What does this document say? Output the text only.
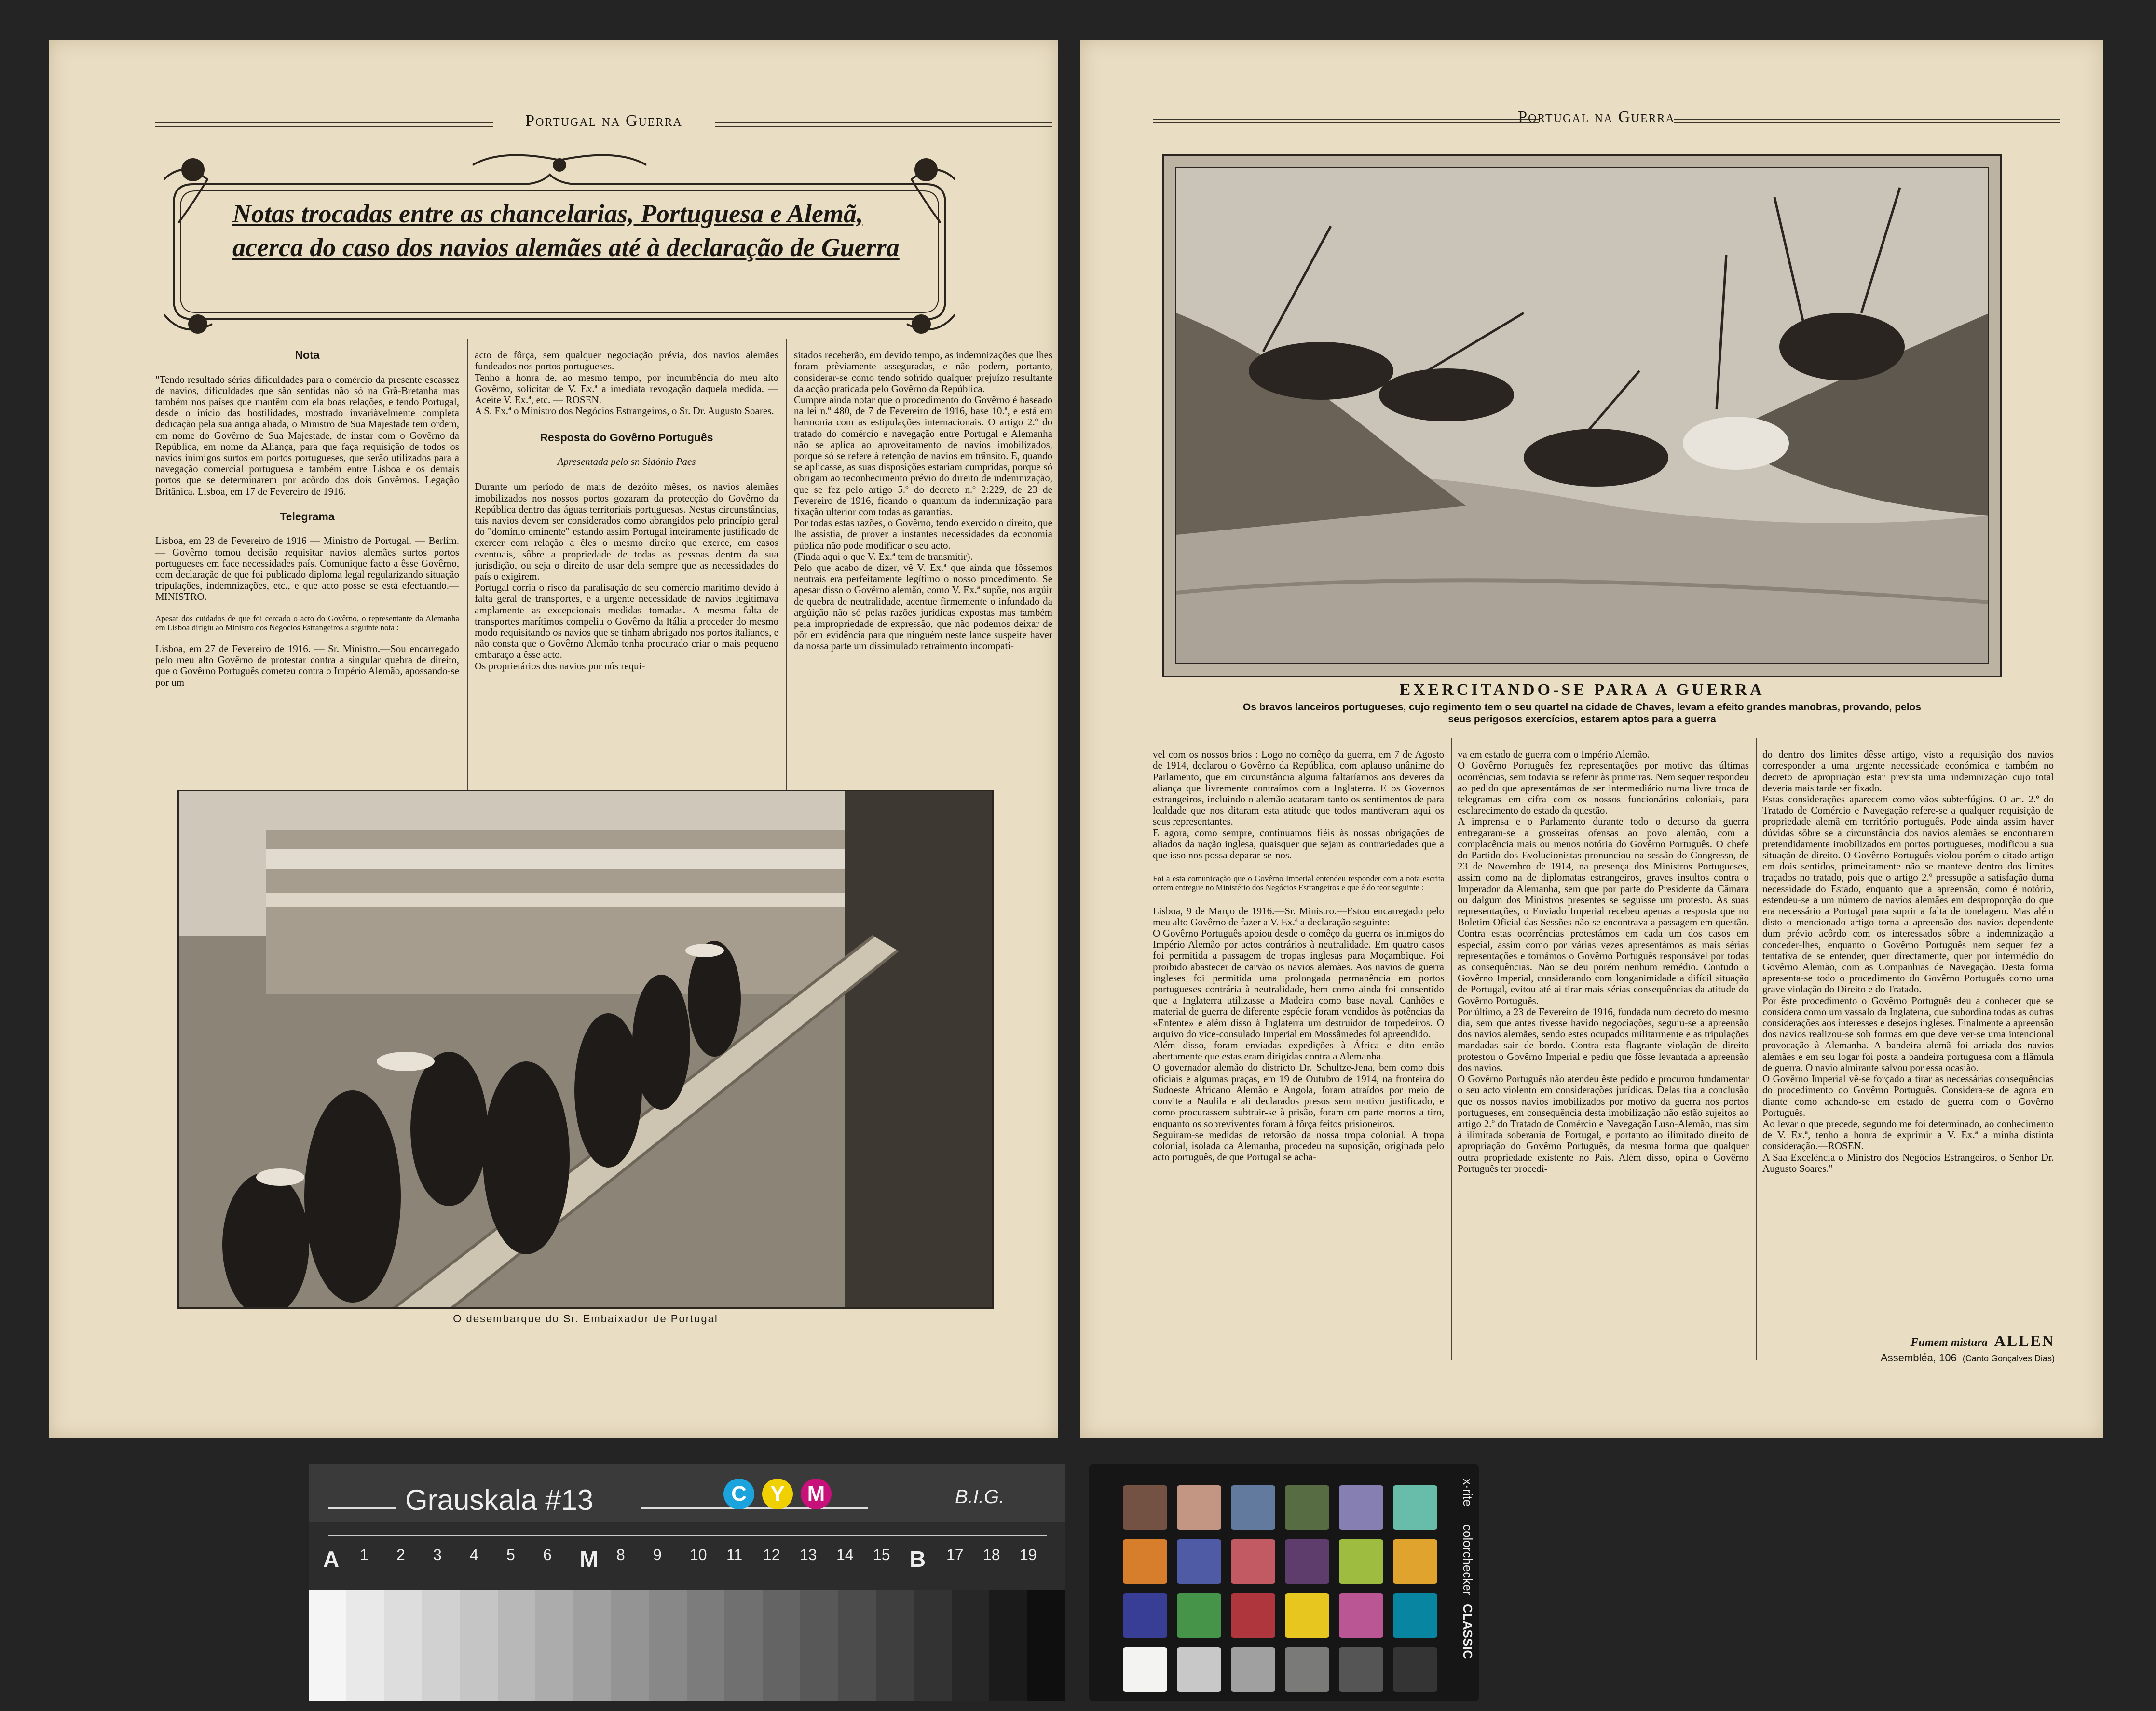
Portugal na Guerra
Notas trocadas entre as chancelarias, Portuguesa e Alemã,
acerca do caso dos navios alemães até à declaração de Guerra

Nota

"Tendo resultado sérias dificuldades para o comércio da presente escassez de navios, dificuldades que são sentidas não só na Grã-Bretanha mas também nos países que mantêm com ela boas relações, e tendo Portugal, desde o início das hostilidades, mostrado invariàvelmente completa dedicação pela sua antiga aliada, o Ministro de Sua Majestade tem ordem, em nome do Govêrno de Sua Majestade, de instar com o Govêrno da República, em nome da Aliança, para que faça requisição de todos os navios inimigos surtos em portos portugueses, que serão utilizados para a navegação comercial portuguesa e também entre Lisboa e os demais portos que se determinarem por acôrdo dos dois Govêrnos. Legação Britânica. Lisboa, em 17 de Fevereiro de 1916.

Telegrama

Lisboa, em 23 de Fevereiro de 1916 — Ministro de Portugal. — Berlim. — Govêrno tomou decisão requisitar navios alemães surtos portos portugueses em face necessidades país. Comunique facto a êsse Govêrno, com declaração de que foi publicado diploma legal regularizando situação tripulações, indemnizações, etc., e que acto posse se está efectuando.—MINISTRO.

Apesar dos cuidados de que foi cercado o acto do Govêrno, o representante da Alemanha em Lisboa dirigiu ao Ministro dos Negócios Estrangeiros a seguinte nota :

Lisboa, em 27 de Fevereiro de 1916. — Sr. Ministro.—Sou encarregado pelo meu alto Govêrno de protestar contra a singular quebra de direito, que o Govêrno Português cometeu contra o Império Alemão, apossando-se por um

acto de fôrça, sem qualquer negociação prévia, dos navios alemães fundeados nos portos portugueses.
Tenho a honra de, ao mesmo tempo, por incumbência do meu alto Govêrno, solicitar de V. Ex.ª a imediata revogação daquela medida. —Aceite V. Ex.ª, etc. — ROSEN.
A S. Ex.ª o Ministro dos Negócios Estrangeiros, o Sr. Dr. Augusto Soares.

Resposta do Govêrno Português

Apresentada pelo sr. Sidónio Paes

Durante um período de mais de dezóito mêses, os navios alemães imobilizados nos nossos portos gozaram da protecção do Govêrno da República dentro das águas territoriais portuguesas. Nestas circunstâncias, tais navios devem ser considerados como abrangidos pelo princípio geral do "domínio eminente" estando assim Portugal inteiramente justificado de exercer com relação a êles o mesmo direito que exerce, em casos eventuais, sôbre a propriedade de todas as pessoas dentro da sua jurisdição, ou seja o direito de usar dela sempre que as necessidades do país o exigirem.
Portugal corria o risco da paralisação do seu comércio marítimo devido à falta geral de transportes, e a urgente necessidade de navios legitimava amplamente as excepcionais medidas tomadas. A mesma falta de transportes marítimos compeliu o Govêrno da Itália a proceder do mesmo modo requisitando os navios que se tinham abrigado nos portos italianos, e não consta que o Govêrno Alemão tenha procurado criar o mais pequeno embaraço a êsse acto.
Os proprietários dos navios por nós requi-

sitados receberão, em devido tempo, as indemnizações que lhes foram prèviamente asseguradas, e não podem, portanto, considerar-se como tendo sofrido qualquer prejuízo resultante da acção praticada pelo Govêrno da República.
Cumpre ainda notar que o procedimento do Govêrno é baseado na lei n.º 480, de 7 de Fevereiro de 1916, base 10.ª, e está em harmonia com as estipulações internacionais. O artigo 2.º do tratado do comércio e navegação entre Portugal e Alemanha não se aplica ao aproveitamento de navios imobilizados, porque só se refere à retenção de navios em trânsito. E, quando se aplicasse, as suas disposições estariam cumpridas, porque só obrigam ao reconhecimento prévio do direito de indemnização, que se fez pelo artigo 5.º do decreto n.º 2:229, de 23 de Fevereiro de 1916, ficando o quantum da indemnização para fixação ulterior com todas as garantias.
Por todas estas razões, o Govêrno, tendo exercido o direito, que lhe assistia, de prover a instantes necessidades da economia pública não pode modificar o seu acto.
(Finda aqui o que V. Ex.ª tem de transmitir).
Pelo que acabo de dizer, vê V. Ex.ª que ainda que fôssemos neutrais era perfeitamente legítimo o nosso procedimento. Se apesar disso o Govêrno alemão, como V. Ex.ª supõe, nos argúir de quebra de neutralidade, acentue firmemente o infundado da argúição não só pelas razões jurídicas expostas mas também pela impropriedade de expressão, que não podemos deixar de pôr em evidência para que ninguém neste lance suspeite haver da nossa parte um dissimulado retraimento incompatí-

O desembarque do Sr. Embaixador de Portugal
Portugal na Guerra
EXERCITANDO-SE PARA A GUERRA
Os bravos lanceiros portugueses, cujo regimento tem o seu quartel na cidade de Chaves, levam a efeito grandes manobras, provando, pelos seus perigosos exercícios, estarem aptos para a guerra

vel com os nossos brios : Logo no comêço da guerra, em 7 de Agosto de 1914, declarou o Govêrno da República, com aplauso unânime do Parlamento, que em circunstância alguma faltaríamos aos deveres da aliança que livremente contraímos com a Inglaterra. E os Governos estrangeiros, incluindo o alemão acataram tanto os sentimentos de para lealdade que nos ditaram esta atitude que todos mantiveram aqui os seus representantes.
E agora, como sempre, continuamos fiéis às nossas obrigações de aliados da nação inglesa, quaisquer que sejam as contrariedades que a que isso nos possa deparar-se-nos.

Foi a esta comunicação que o Govêrno Imperial entendeu responder com a nota escrita ontem entregue no Ministério dos Negócios Estrangeiros e que é do teor seguinte :

Lisboa, 9 de Março de 1916.—Sr. Ministro.—Estou encarregado pelo meu alto Govêrno de fazer a V. Ex.ª a declaração seguinte:
O Govêrno Português apoiou desde o comêço da guerra os inimigos do Império Alemão por actos contrários à neutralidade. Em quatro casos foi permitida a passagem de tropas inglesas para Moçambique. Foi proibido abastecer de carvão os navios alemães. Aos navios de guerra ingleses foi permitida uma prolongada permanência em portos portugueses contrária à neutralidade, bem como ainda foi consentido que a Inglaterra utilizasse a Madeira como base naval. Canhões e material de guerra de diferente espécie foram vendidos às potências da «Entente» e além disso à Inglaterra um destruidor de torpedeiros. O arquivo do vice-consulado Imperial em Mossâmedes foi apreendido.
Além disso, foram enviadas expedições à África e dito então abertamente que estas eram dirigidas contra a Alemanha.
O governador alemão do districto Dr. Schultze-Jena, bem como dois oficiais e algumas praças, em 19 de Outubro de 1914, na fronteira do Sudoeste Africano Alemão e Angola, foram atraídos por meio de convite a Naulila e ali declarados presos sem motivo justificado, e como procurassem subtrair-se à prisão, foram em parte mortos a tiro, enquanto os sobreviventes foram à fôrça feitos prisioneiros.
Seguiram-se medidas de retorsão da nossa tropa colonial. A tropa colonial, isolada da Alemanha, procedeu na suposição, originada pelo acto português, de que Portugal se acha-

va em estado de guerra com o Império Alemão.
O Govêrno Português fez representações por motivo das últimas ocorrências, sem todavia se referir às primeiras. Nem sequer respondeu ao pedido que apresentámos de ser intermediário numa livre troca de telegramas em cifra com os nossos funcionários coloniais, para esclarecimento do estado da questão.
A imprensa e o Parlamento durante todo o decurso da guerra entregaram-se a grosseiras ofensas ao povo alemão, com a complacência mais ou menos notória do Govêrno Português. O chefe do Partido dos Evolucionistas pronunciou na sessão do Congresso, de 23 de Novembro de 1914, na presença dos Ministros Portugueses, assim como na de diplomatas estrangeiros, graves insultos contra o Imperador da Alemanha, sem que por parte do Presidente da Câmara ou dalgum dos Ministros presentes se seguisse um protesto. As suas representações, o Enviado Imperial recebeu apenas a resposta que no Boletim Oficial das Sessões não se encontrava a passagem em questão. Contra estas ocorrências protestámos em cada um dos casos em especial, assim como por várias vezes apresentámos as mais sérias representações e tornámos o Govêrno Português responsável por todas as consequências. Não se deu porém nenhum remédio. Contudo o Govêrno Imperial, considerando com longanimidade a difícil situação de Portugal, evitou até ai tirar mais sérias consequências da atitude do Govêrno Português.
Por último, a 23 de Fevereiro de 1916, fundada num decreto do mesmo dia, sem que antes tivesse havido negociações, seguiu-se a apreensão dos navios alemães, sendo estes ocupados militarmente e as tripulações mandadas sair de bordo. Contra esta flagrante violação de direito protestou o Govêrno Imperial e pediu que fôsse levantada a apreensão dos navios.
O Govêrno Português não atendeu êste pedido e procurou fundamentar o seu acto violento em considerações jurídicas. Delas tira a conclusão que os nossos navios imobilizados por motivo da guerra nos portos portugueses, em consequência desta imobilização não estão sujeitos ao artigo 2.º do Tratado de Comércio e Navegação Luso-Alemão, mas sim à ilimitada soberania de Portugal, e portanto ao ilimitado direito de apropriação do Govêrno Português, da mesma forma que qualquer outra propriedade existente no País. Além disso, opina o Govêrno Português ter procedi-

do dentro dos limites dêsse artigo, visto a requisição dos navios corresponder a uma urgente necessidade económica e também no decreto de apropriação estar prevista uma indemnização cujo total deveria mais tarde ser fixado.
Estas considerações aparecem como vãos subterfúgios. O art. 2.º do Tratado de Comércio e Navegação refere-se a qualquer requisição de propriedade alemã em território português. Pode ainda assim haver dúvidas sôbre se a circunstância dos navios alemães se encontrarem pretendidamente imobilizados em portos portugueses, modificou a sua situação de direito. O Govêrno Português violou porém o citado artigo em dois sentidos, primeiramente não se manteve dentro dos limites traçados no tratado, pois que o artigo 2.º pressupõe a satisfação duma necessidade do Estado, enquanto que a apreensão, como é notório, estendeu-se a um número de navios alemães em desproporção do que era necessário a Portugal para suprir a falta de tonelagem. Mas além disto o mencionado artigo torna a apreensão dos navios dependente dum prévio acôrdo com os interessados sôbre a indemnização a conceder-lhes, enquanto o Govêrno Português nem sequer fez a tentativa de se entender, quer directamente, quer por intermédio do Govêrno Alemão, com as Companhias de Navegação. Desta forma apresenta-se todo o procedimento do Govêrno Português como uma grave violação do Direito e do Tratado.
Por êste procedimento o Govêrno Português deu a conhecer que se considera como um vassalo da Inglaterra, que subordina todas as outras considerações aos interesses e desejos ingleses. Finalmente a apreensão dos navios realizou-se sob formas em que deve ver-se uma intencional provocação à Alemanha. A bandeira alemã foi arriada dos navios alemães e em seu logar foi posta a bandeira portuguesa com a flâmula de guerra. O navio almirante salvou por essa ocasião.
O Govêrno Imperial vê-se forçado a tirar as necessárias consequências do procedimento do Govêrno Português. Considera-se de agora em diante como achando-se em estado de guerra com o Govêrno Português.
Ao levar o que precede, segundo me foi determinado, ao conhecimento de V. Ex.ª, tenho a honra de exprimir a V. Ex.ª a minha distinta consideração.—ROSEN.
A Saa Excelência o Ministro dos Negócios Estrangeiros, o Senhor Dr. Augusto Soares."

Fumem mistura ALLEN
Assembléa, 106 (Canto Gonçalves Dias)
Grauskala #13	C	Y	M	B.I.G.
A 1 2 3 4 5 6 M 8 9 10 11 12 13 14 15 B 17 18 19
x·rite colorchecker CLASSIC
